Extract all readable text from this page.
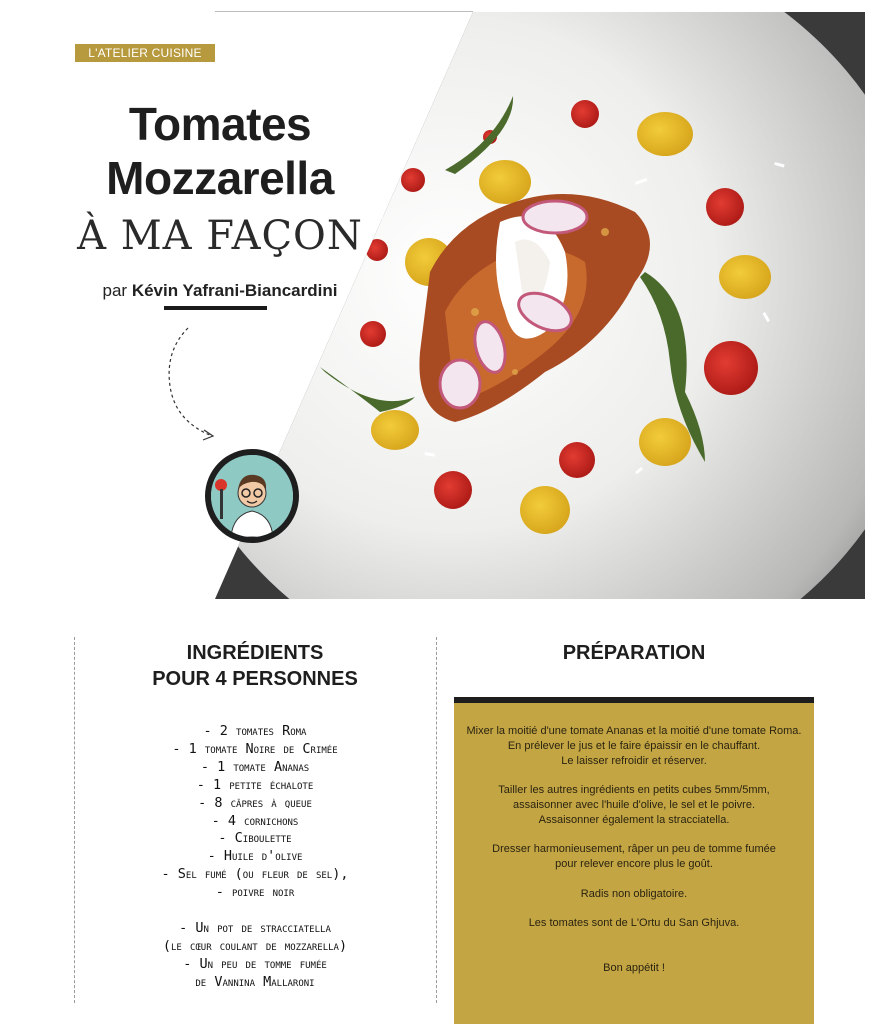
L'ATELIER CUISINE
Tomates
Mozzarella
À MA FAÇON
par Kévin Yafrani-Biancardini
INGRÉDIENTS
POUR 4 PERSONNES
- 2 tomates Roma
- 1 tomate Noire de Crimée
- 1 tomate Ananas
- 1 petite échalote
- 8 câpres à queue
- 4 cornichons
- Ciboulette
- Huile d'olive
- Sel fumé (ou fleur de sel),
- poivre noir
- Un pot de stracciatella
(le cœur coulant de mozzarella)
- Un peu de tomme fumée
de Vannina Mallaroni
PRÉPARATION

Mixer la moitié d'une tomate Ananas et la moitié d'une tomate Roma.
En prélever le jus et le faire épaissir en le chauffant.
Le laisser refroidir et réserver.

Tailler les autres ingrédients en petits cubes 5mm/5mm,
assaisonner avec l'huile d'olive, le sel et le poivre.
Assaisonner également la stracciatella.

Dresser harmonieusement, râper un peu de tomme fumée
pour relever encore plus le goût.

Radis non obligatoire.

Les tomates sont de L'Ortu du San Ghjuva.

Bon appétit !
